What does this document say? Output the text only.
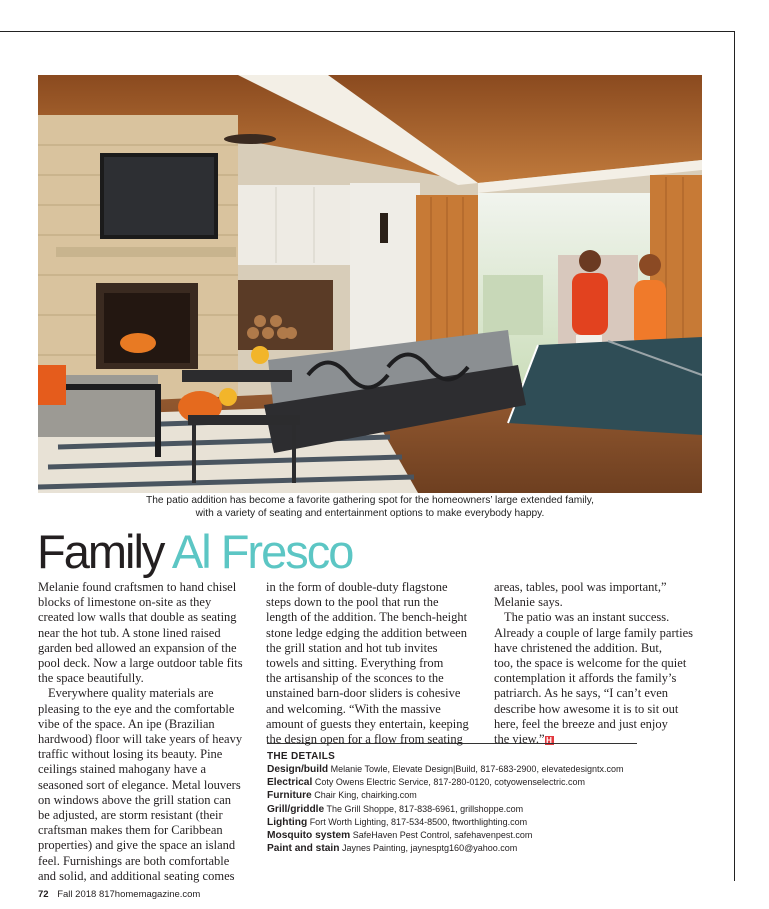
The patio addition has become a favorite gathering spot for the homeowners’ large extended family,
with a variety of seating and entertainment options to make everybody happy.
Family Al Fresco
Melanie found craftsmen to hand chisel
blocks of limestone on-site as they
created low walls that double as seating
near the hot tub. A stone lined raised
garden bed allowed an expansion of the
pool deck. Now a large outdoor table fits
the space beautifully.
Everywhere quality materials are
pleasing to the eye and the comfortable
vibe of the space. An ipe (Brazilian
hardwood) floor will take years of heavy
traffic without losing its beauty. Pine
ceilings stained mahogany have a
seasoned sort of elegance. Metal louvers
on windows above the grill station can
be adjusted, are storm resistant (their
craftsman makes them for Caribbean
properties) and give the space an island
feel. Furnishings are both comfortable
and solid, and additional seating comes
in the form of double-duty flagstone
steps down to the pool that run the
length of the addition. The bench-height
stone ledge edging the addition between
the grill station and hot tub invites
towels and sitting. Everything from
the artisanship of the sconces to the
unstained barn-door sliders is cohesive
and welcoming. “With the massive
amount of guests they entertain, keeping
the design open for a flow from seating
areas, tables, pool was important,”
Melanie says.
The patio was an instant success.
Already a couple of large family parties
have christened the addition. But,
too, the space is welcome for the quiet
contemplation it affords the family’s
patriarch. As he says, “I can’t even
describe how awesome it is to sit out
here, feel the breeze and just enjoy
the view.” H
THE DETAILS
Design/build Melanie Towle, Elevate Design|Build, 817-683-2900, elevatedesigntx.com
Electrical Coty Owens Electric Service, 817-280-0120, cotyowenselectric.com
Furniture Chair King, chairking.com
Grill/griddle The Grill Shoppe, 817-838-6961, grillshoppe.com
Lighting Fort Worth Lighting, 817-534-8500, ftworthlighting.com
Mosquito system SafeHaven Pest Control, safehavenpest.com
Paint and stain Jaynes Painting, jaynesptg160@yahoo.com
72 Fall 2018 817homemagazine.com
